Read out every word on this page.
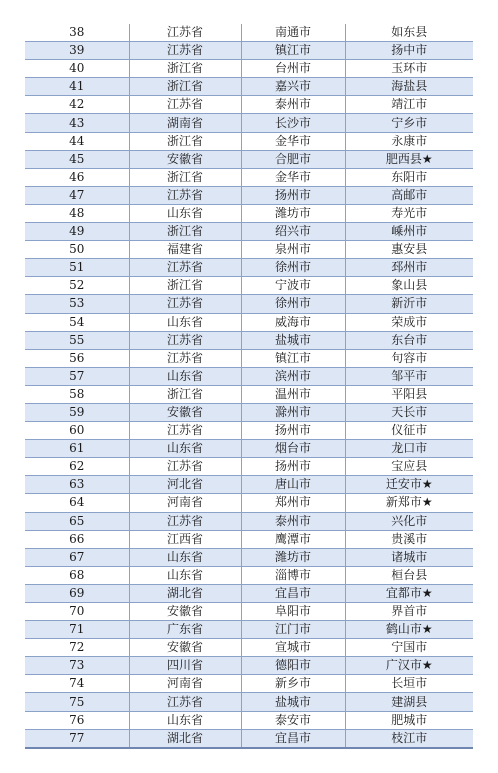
38	江苏省	南通市	如东县
39	江苏省	镇江市	扬中市
40	浙江省	台州市	玉环市
41	浙江省	嘉兴市	海盐县
42	江苏省	泰州市	靖江市
43	湖南省	长沙市	宁乡市
44	浙江省	金华市	永康市
45	安徽省	合肥市	肥西县★
46	浙江省	金华市	东阳市
47	江苏省	扬州市	高邮市
48	山东省	潍坊市	寿光市
49	浙江省	绍兴市	嵊州市
50	福建省	泉州市	惠安县
51	江苏省	徐州市	邳州市
52	浙江省	宁波市	象山县
53	江苏省	徐州市	新沂市
54	山东省	威海市	荣成市
55	江苏省	盐城市	东台市
56	江苏省	镇江市	句容市
57	山东省	滨州市	邹平市
58	浙江省	温州市	平阳县
59	安徽省	滁州市	天长市
60	江苏省	扬州市	仪征市
61	山东省	烟台市	龙口市
62	江苏省	扬州市	宝应县
63	河北省	唐山市	迁安市★
64	河南省	郑州市	新郑市★
65	江苏省	泰州市	兴化市
66	江西省	鹰潭市	贵溪市
67	山东省	潍坊市	诸城市
68	山东省	淄博市	桓台县
69	湖北省	宜昌市	宜都市★
70	安徽省	阜阳市	界首市
71	广东省	江门市	鹤山市★
72	安徽省	宣城市	宁国市
73	四川省	德阳市	广汉市★
74	河南省	新乡市	长垣市
75	江苏省	盐城市	建湖县
76	山东省	泰安市	肥城市
77	湖北省	宜昌市	枝江市
